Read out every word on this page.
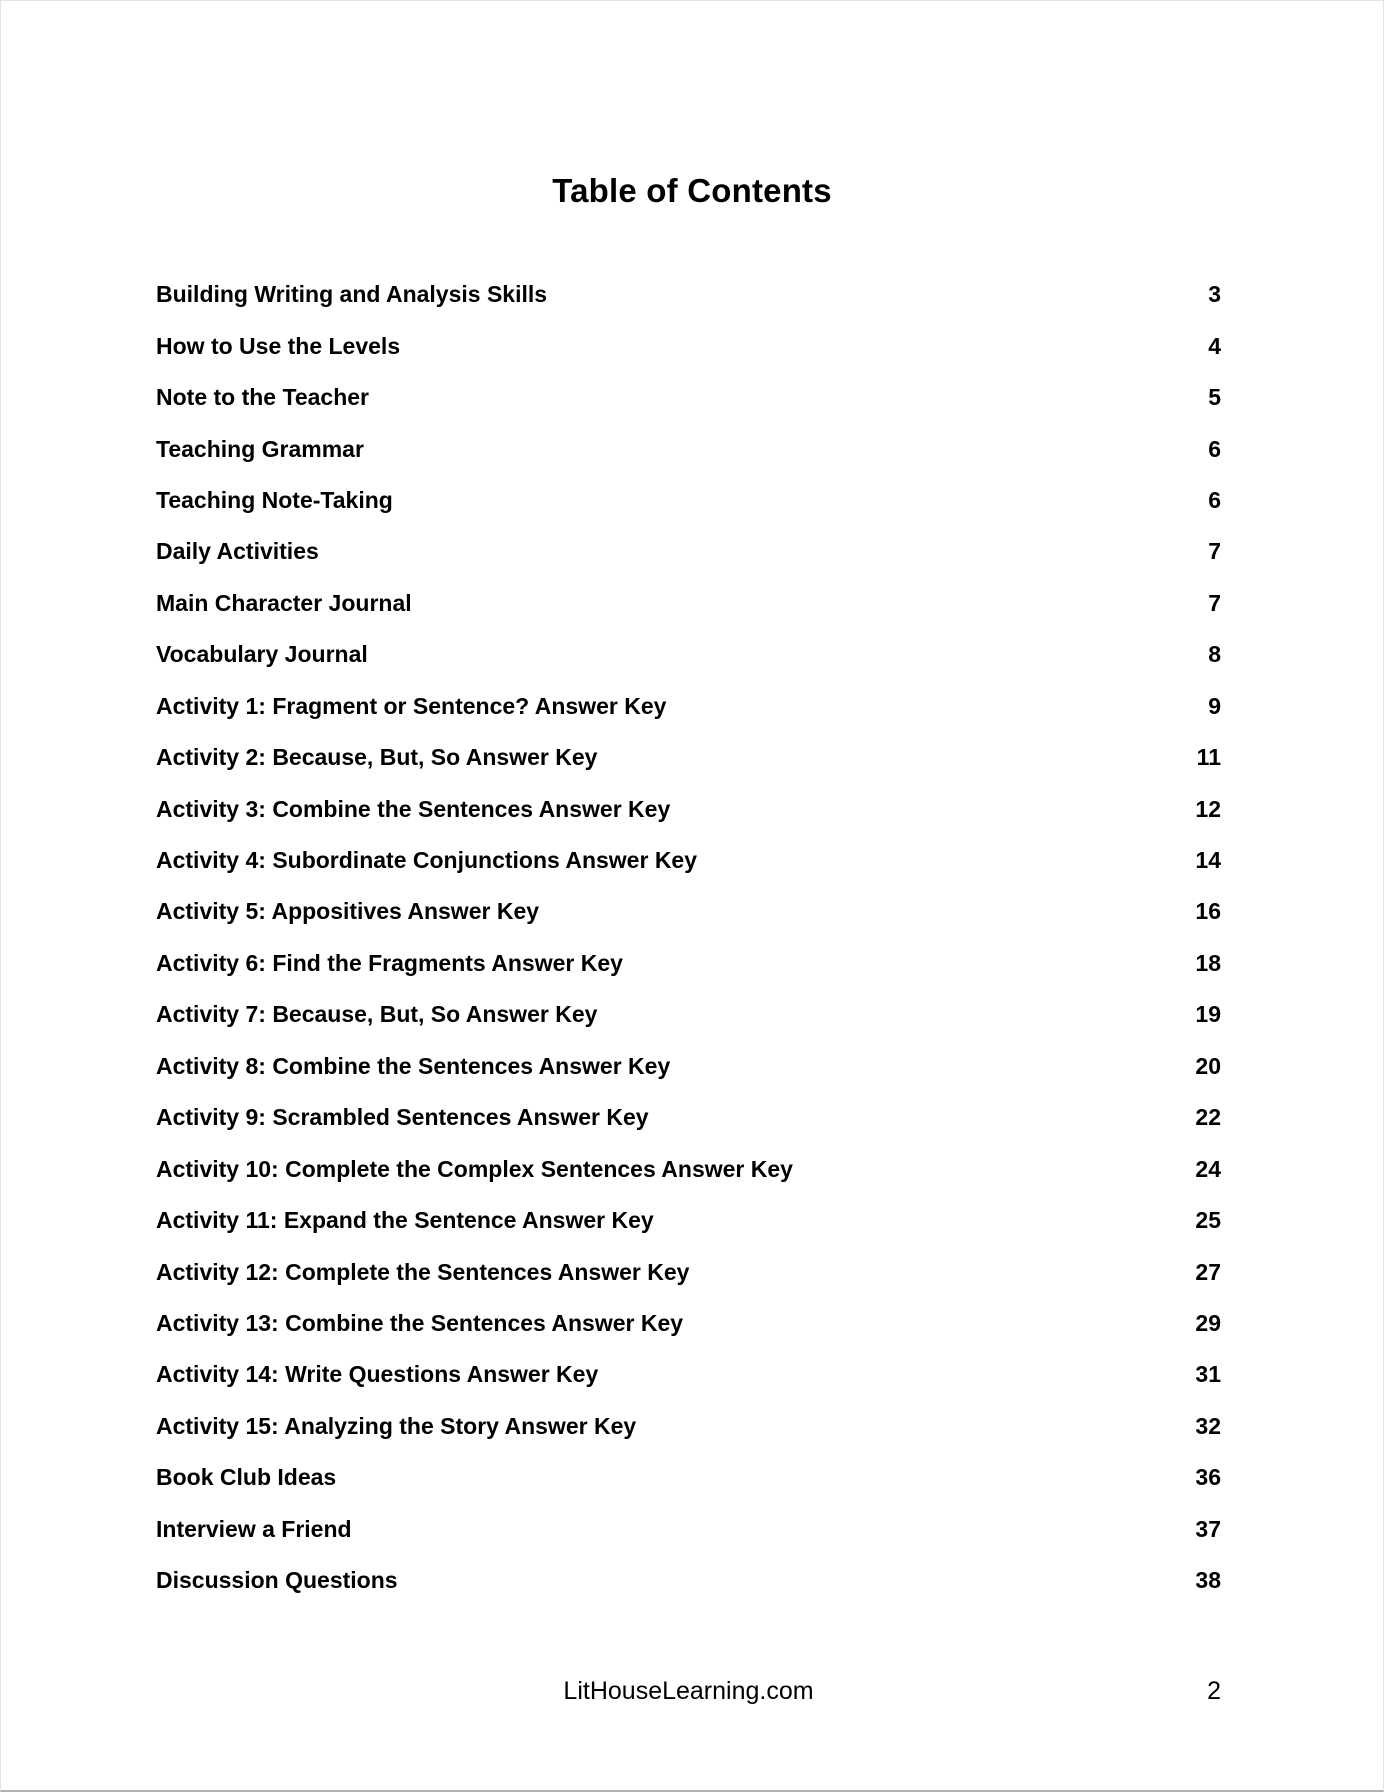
Table of Contents
Building Writing and Analysis Skills	3
How to Use the Levels	4
Note to the Teacher	5
Teaching Grammar	6
Teaching Note-Taking	6
Daily Activities	7
Main Character Journal	7
Vocabulary Journal	8
Activity 1: Fragment or Sentence? Answer Key	9
Activity 2: Because, But, So Answer Key	11
Activity 3: Combine the Sentences Answer Key	12
Activity 4: Subordinate Conjunctions Answer Key	14
Activity 5: Appositives Answer Key	16
Activity 6: Find the Fragments Answer Key	18
Activity 7: Because, But, So Answer Key	19
Activity 8: Combine the Sentences Answer Key	20
Activity 9: Scrambled Sentences Answer Key	22
Activity 10: Complete the Complex Sentences Answer Key	24
Activity 11: Expand the Sentence Answer Key	25
Activity 12: Complete the Sentences Answer Key	27
Activity 13: Combine the Sentences Answer Key	29
Activity 14: Write Questions Answer Key	31
Activity 15: Analyzing the Story Answer Key	32
Book Club Ideas	36
Interview a Friend	37
Discussion Questions	38
LitHouseLearning.com	2
